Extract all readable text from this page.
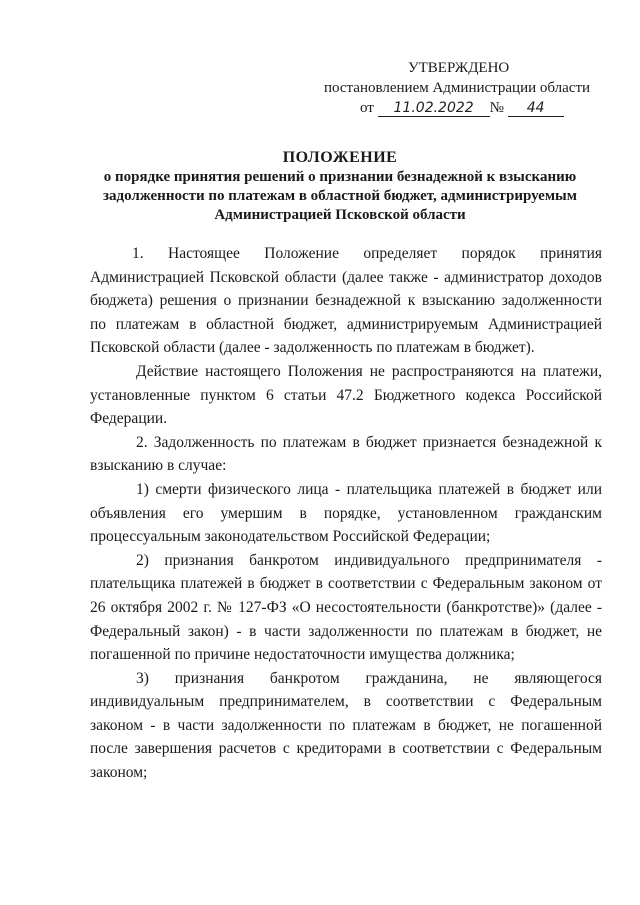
УТВЕРЖДЕНО
постановлением Администрации области
от 11.02.2022 № 44
ПОЛОЖЕНИЕ
о порядке принятия решений о признании безнадежной к взысканию
задолженности по платежам в областной бюджет, администрируемым
Администрацией Псковской области

1. Настоящее Положение определяет порядок принятия Администрацией Псковской области (далее также - администратор доходов бюджета) решения о признании безнадежной к взысканию задолженности по платежам в областной бюджет, администрируемым Администрацией Псковской области (далее - задолженность по платежам в бюджет).

Действие настоящего Положения не распространяются на платежи, установленные пунктом 6 статьи 47.2 Бюджетного кодекса Российской Федерации.

2. Задолженность по платежам в бюджет признается безнадежной к взысканию в случае:

1) смерти физического лица - плательщика платежей в бюджет или объявления его умершим в порядке, установленном гражданским процессуальным законодательством Российской Федерации;

2) признания банкротом индивидуального предпринимателя - плательщика платежей в бюджет в соответствии с Федеральным законом от 26 октября 2002 г. № 127-ФЗ «О несостоятельности (банкротстве)» (далее - Федеральный закон) - в части задолженности по платежам в бюджет, не погашенной по причине недостаточности имущества должника;

3) признания банкротом гражданина, не являющегося индивидуальным предпринимателем, в соответствии с Федеральным законом - в части задолженности по платежам в бюджет, не погашенной после завершения расчетов с кредиторами в соответствии с Федеральным законом;
